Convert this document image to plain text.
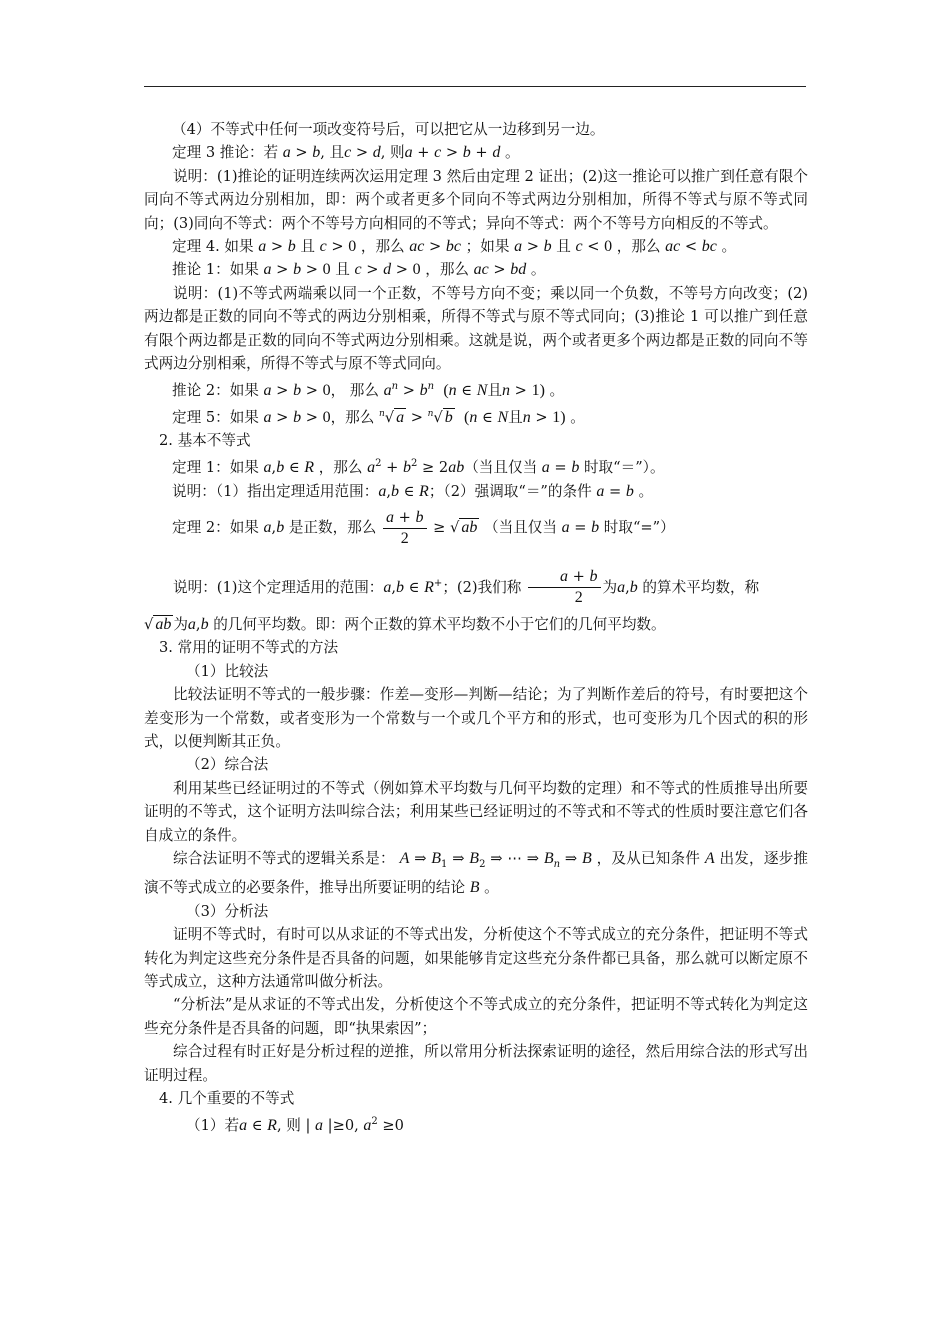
（4）不等式中任何一项改变符号后，可以把它从一边移到另一边。

定理 3 推论：若 a > b, 且c > d, 则a + c > b + d 。

说明：(1)推论的证明连续两次运用定理 3 然后由定理 2 证出；(2)这一推论可以推广到任意有限个同向不等式两边分别相加，即：两个或者更多个同向不等式两边分别相加，所得不等式与原不等式同向；(3)同向不等式：两个不等号方向相同的不等式；异向不等式：两个不等号方向相反的不等式。

定理 4. 如果 a > b 且 c > 0 ，那么 ac > bc ；如果 a > b 且 c < 0 ，那么 ac < bc 。

推论 1：如果 a > b > 0 且 c > d > 0 ，那么 ac > bd 。

说明：(1)不等式两端乘以同一个正数，不等号方向不变；乘以同一个负数，不等号方向改变；(2)两边都是正数的同向不等式的两边分别相乘，所得不等式与原不等式同向；(3)推论 1 可以推广到任意有限个两边都是正数的同向不等式两边分别相乘。这就是说，两个或者更多个两边都是正数的同向不等式两边分别相乘，所得不等式与原不等式同向。

推论 2：如果 a > b > 0， 那么 $a^n > b^n$ (n ∈ N且n > 1) 。

定理 5：如果 a > b > 0，那么 $^n$√ a > $^n$√ b (n ∈ N且n > 1) 。

2. 基本不等式

定理 1：如果 a,b ∈ R ，那么 $a^2 + b^2 \ge 2ab$（当且仅当 a = b 时取“＝”）。

说明：（1）指出定理适用范围：a,b ∈ R；（2）强调取“＝”的条件 a = b 。

定理 2：如果 a,b 是正数，那么 $\frac{a + b}{2}$ ≥ √ ab （当且仅当 a = b 时取“=”）

说明：(1)这个定理适用的范围：a,b ∈ R+；(2)我们称 $\frac{a + b}{2}$ 为a,b 的算术平均数，称
√ ab 为a,b 的几何平均数。即：两个正数的算术平均数不小于它们的几何平均数。

3. 常用的证明不等式的方法

（1）比较法

比较法证明不等式的一般步骤：作差—变形—判断—结论；为了判断作差后的符号，有时要把这个差变形为一个常数，或者变形为一个常数与一个或几个平方和的形式，也可变形为几个因式的积的形式，以便判断其正负。

（2）综合法

利用某些已经证明过的不等式（例如算术平均数与几何平均数的定理）和不等式的性质推导出所要证明的不等式，这个证明方法叫综合法；利用某些已经证明过的不等式和不等式的性质时要注意它们各自成立的条件。

综合法证明不等式的逻辑关系是： A ⇒ $B_1$ ⇒ $B_2$ ⇒ ⋯ ⇒ $B_n$ ⇒ B ，及从已知条件 A 出发，逐步推演不等式成立的必要条件，推导出所要证明的结论 B 。

（3）分析法

证明不等式时，有时可以从求证的不等式出发，分析使这个不等式成立的充分条件，把证明不等式转化为判定这些充分条件是否具备的问题，如果能够肯定这些充分条件都已具备，那么就可以断定原不等式成立，这种方法通常叫做分析法。

“分析法”是从求证的不等式出发，分析使这个不等式成立的充分条件，把证明不等式转化为判定这些充分条件是否具备的问题，即“执果索因”；

综合过程有时正好是分析过程的逆推，所以常用分析法探索证明的途径，然后用综合法的形式写出证明过程。

4. 几个重要的不等式

（1）若a ∈ R, 则 | a |≥0, $a^2 \ge 0$
